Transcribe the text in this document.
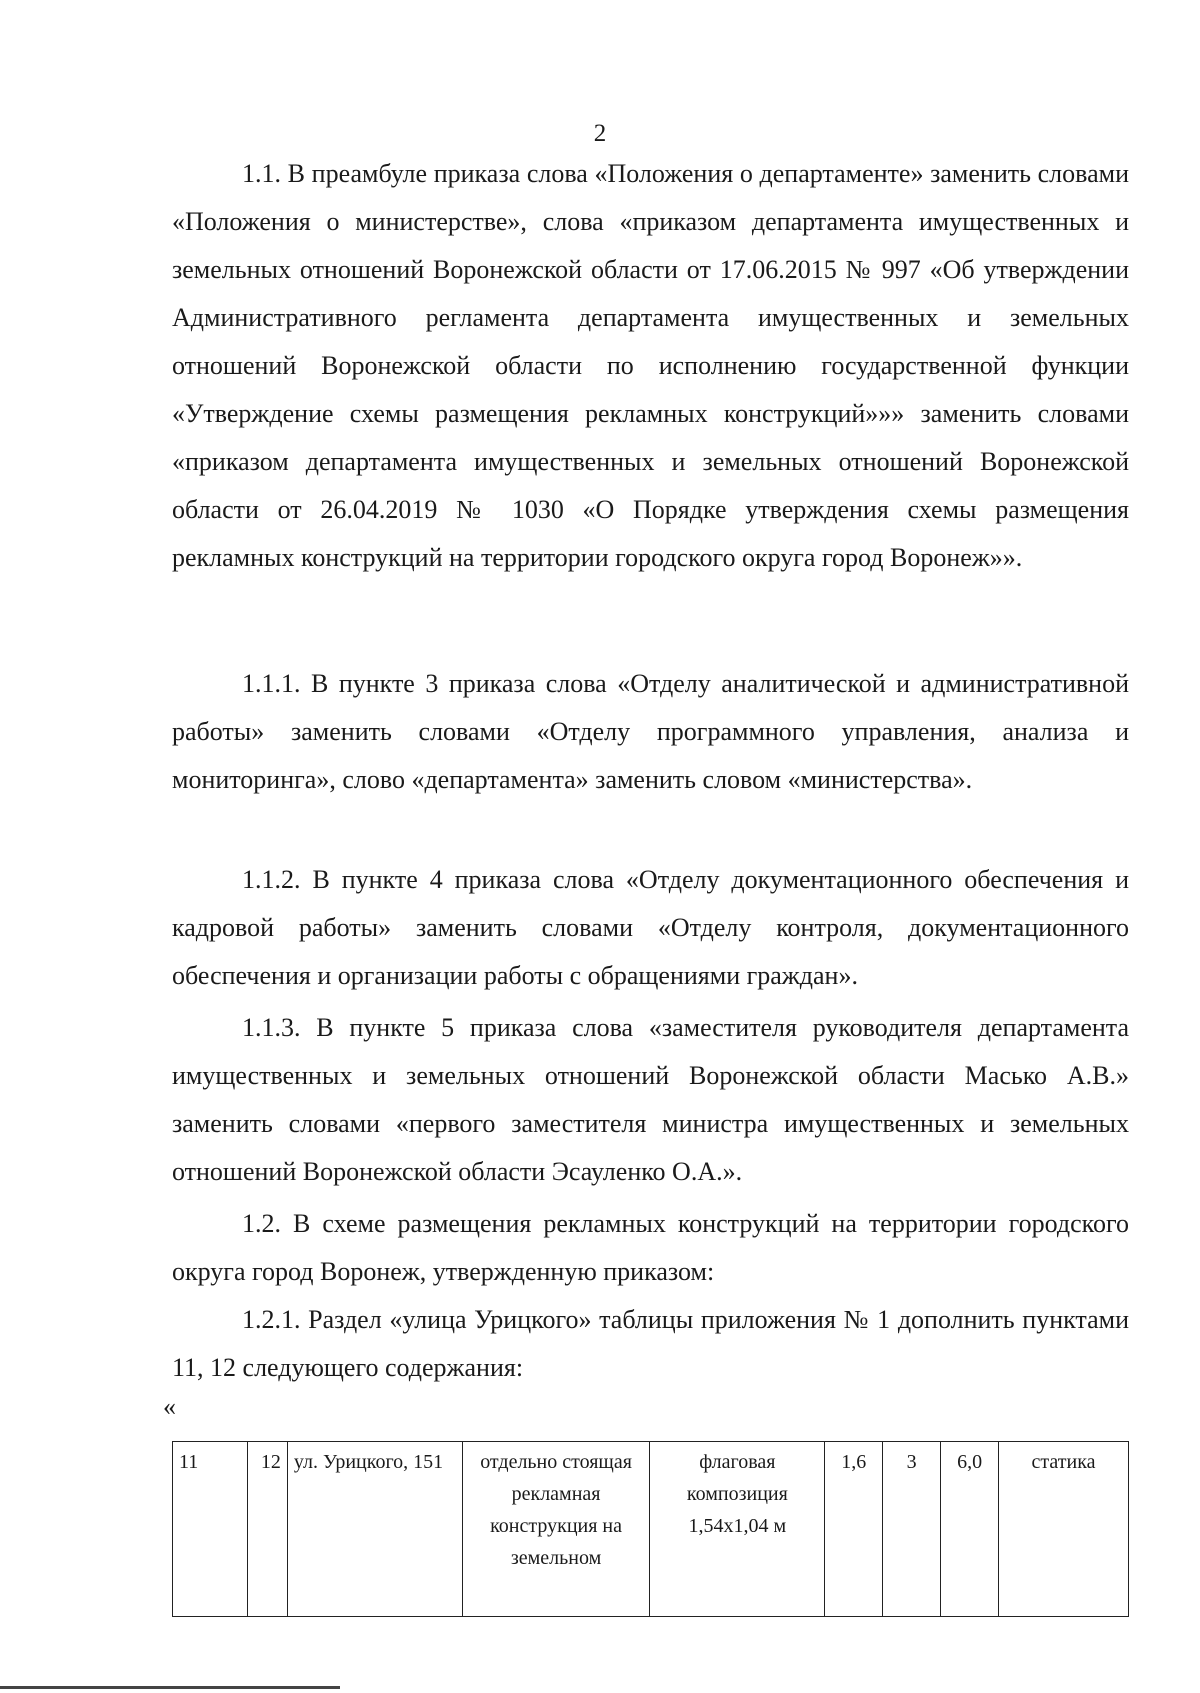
2

1.1. В преамбуле приказа слова «Положения о департаменте» заменить словами «Положения о министерстве», слова «приказом департамента имущественных и земельных отношений Воронежской области от 17.06.2015 № 997 «Об утверждении Административного регламента департамента имущественных и земельных отношений Воронежской области по исполнению государственной функции «Утверждение схемы размещения рекламных конструкций»»» заменить словами «приказом департамента имущественных и земельных отношений Воронежской области от 26.04.2019 № 1030 «О Порядке утверждения схемы размещения рекламных конструкций на территории городского округа город Воронеж»».

1.1.1. В пункте 3 приказа слова «Отделу аналитической и административной работы» заменить словами «Отделу программного управления, анализа и мониторинга», слово «департамента» заменить словом «министерства».

1.1.2. В пункте 4 приказа слова «Отделу документационного обеспечения и кадровой работы» заменить словами «Отделу контроля, документационного обеспечения и организации работы с обращениями граждан».

1.1.3. В пункте 5 приказа слова «заместителя руководителя департамента имущественных и земельных отношений Воронежской области Масько А.В.» заменить словами «первого заместителя министра имущественных и земельных отношений Воронежской области Эсауленко О.А.».

1.2. В схеме размещения рекламных конструкций на территории городского округа город Воронеж, утвержденную приказом:

1.2.1. Раздел «улица Урицкого» таблицы приложения № 1 дополнить пунктами 11, 12 следующего содержания:

«
11	12	ул. Урицкого, 151	отдельно стоящая рекламная конструкция на земельном	флаговая композиция 1,54х1,04 м	1,6	3	6,0	статика
